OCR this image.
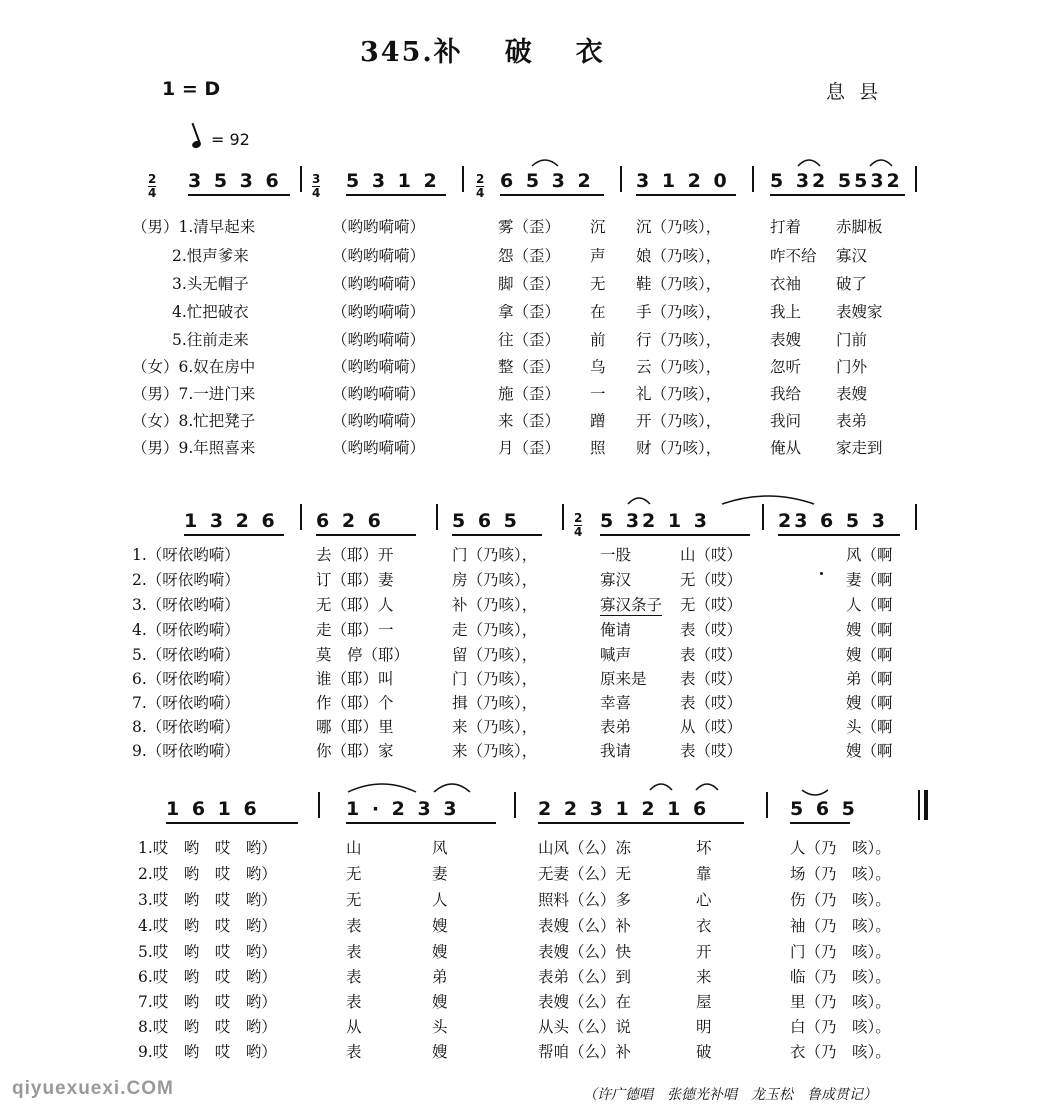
345.补破衣
1 = D	息县
= 92
$\frac{2}{4} 3$ 5 3 6	$\frac{3}{4} 5$ 3 1 2	$\frac{2}{4} 6$ 5 3 2 3 1 2 0 5 32 5532
（男）1.清早起来	（哟哟嗬嗬）	雾（歪） 沉 沉（乃咳），	打着 赤脚板
2.恨声爹来	（哟哟嗬嗬）	怨（歪） 声 娘（乃咳），	咋不给 寡汉
3.头无帽子	（哟哟嗬嗬）	脚（歪） 无 鞋（乃咳），	衣袖 破了
4.忙把破衣	（哟哟嗬嗬）	拿（歪） 在 手（乃咳），	我上 表嫂家
5.往前走来	（哟哟嗬嗬）	往（歪） 前 行（乃咳），	表嫂 门前
（女）6.奴在房中	（哟哟嗬嗬）	整（歪） 乌 云（乃咳），	忽听 门外
（男）7.一进门来	（哟哟嗬嗬）	施（歪） 一 礼（乃咳），	我给 表嫂
（女）8.忙把凳子	（哟哟嗬嗬）	来（歪） 蹭 开（乃咳），	我问 表弟
（男）9.年照喜来	（哟哟嗬嗬）	月（歪） 照 财（乃咳），	俺从 家走到
1 3 2 6 6 2 6	5 6 5	$\frac{2}{4} 5$ 32 1 3	23 6 5 3
1.（呀依哟嗬）	去（耶）开	门（乃咳），	一股	山（哎）	风（啊
2.（呀依哟嗬）	订（耶）妻	房（乃咳），	寡汉	无（哎）	妻（啊
3.（呀依哟嗬）	无（耶）人	补（乃咳），	寡汉条子 无（哎）	人（啊
4.（呀依哟嗬）	走（耶）一	走（乃咳），	俺请	表（哎）	嫂（啊
5.（呀依哟嗬）	莫　停（耶）	留（乃咳），	喊声	表（哎）	嫂（啊
6.（呀依哟嗬）	谁（耶）叫	门（乃咳），	原来是 表（哎）	弟（啊
7.（呀依哟嗬）	作（耶）个	揖（乃咳），	幸喜	表（哎）	嫂（啊
8.（呀依哟嗬）	哪（耶）里	来（乃咳），	表弟	从（哎）	头（啊
9.（呀依哟嗬）	你（耶）家	来（乃咳），	我请	表（哎）	嫂（啊
1 6 1 6	1 · 2 3 3	2 2 3 1 2 1 6	5 6 5
1.哎　哟　哎　哟）	山	风	山风（么）冻	坏	人（乃　咳）。
2.哎　哟　哎　哟）	无	妻	无妻（么）无	靠	场（乃　咳）。
3.哎　哟　哎　哟）	无	人	照料（么）多	心	伤（乃　咳）。
4.哎　哟　哎　哟）	表	嫂	表嫂（么）补	衣	袖（乃　咳）。
5.哎　哟　哎　哟）	表	嫂	表嫂（么）快	开	门（乃　咳）。
6.哎　哟　哎　哟）	表	弟	表弟（么）到	来	临（乃　咳）。
7.哎　哟　哎　哟）	表	嫂	表嫂（么）在	屋	里（乃　咳）。
8.哎　哟　哎　哟）	从	头	从头（么）说	明	白（乃　咳）。
9.哎　哟　哎　哟）	表	嫂	帮咱（么）补	破	衣（乃　咳）。
（许广德唱　张德光补唱　龙玉松　鲁成贯记）
qiyuexuexi.COM
